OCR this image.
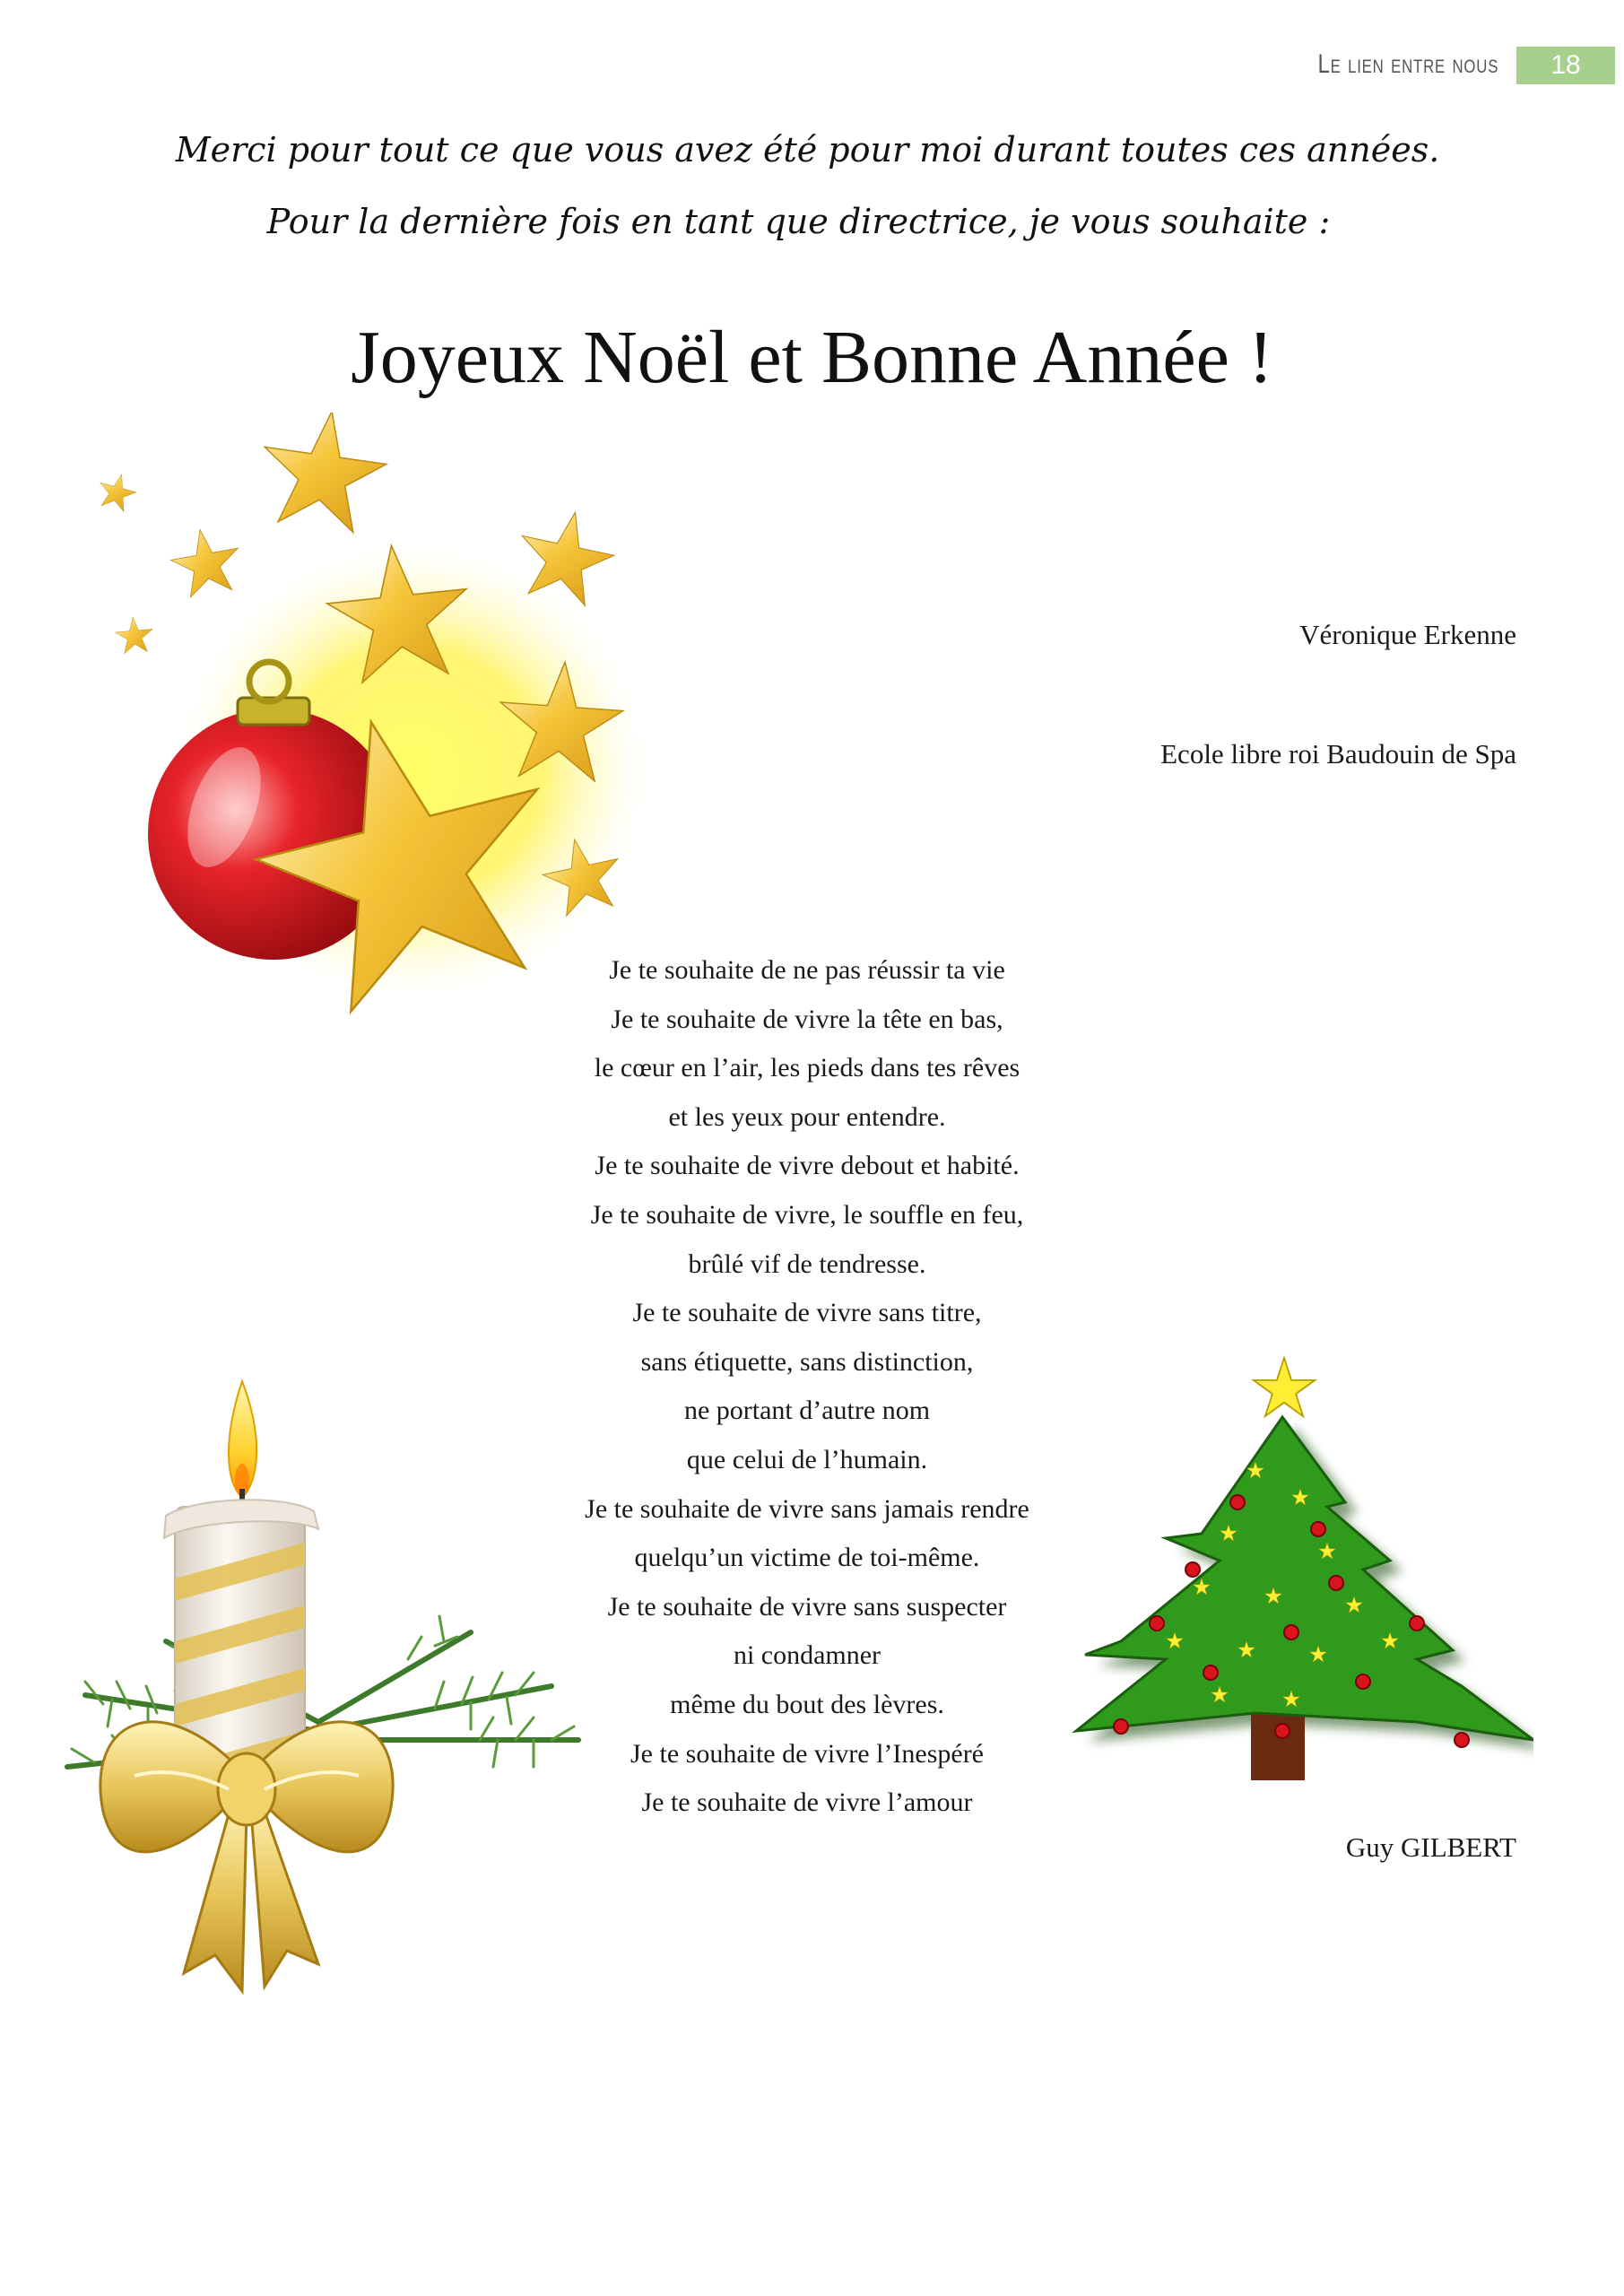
Le lien entre nous	18
Merci pour tout ce que vous avez été pour moi durant toutes ces années.
Pour la dernière fois en tant que directrice, je vous souhaite :
Joyeux Noël et Bonne Année !
Véronique Erkenne
Ecole libre roi Baudouin de Spa
Je te souhaite de ne pas réussir ta vie
Je te souhaite de vivre la tête en bas,
le cœur en l’air, les pieds dans tes rêves
et les yeux pour entendre.
Je te souhaite de vivre debout et habité.
Je te souhaite de vivre, le souffle en feu,
brûlé vif de tendresse.
Je te souhaite de vivre sans titre,
sans étiquette, sans distinction,
ne portant d’autre nom
que celui de l’humain.
Je te souhaite de vivre sans jamais rendre
quelqu’un victime de toi-même.
Je te souhaite de vivre sans suspecter
ni condamner
même du bout des lèvres.
Je te souhaite de vivre l’Inespéré
Je te souhaite de vivre l’amour
Guy GILBERT
